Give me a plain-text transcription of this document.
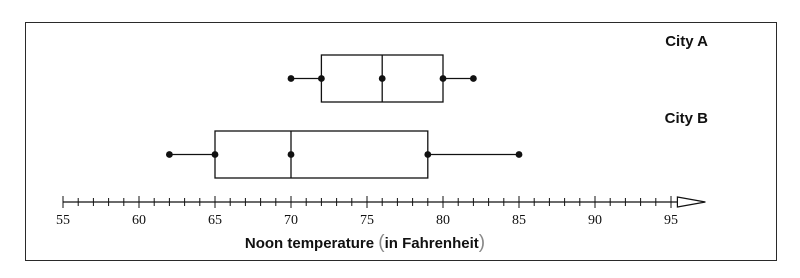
City A
City B
55	60	65	70	75	80	85	90	95
Noon temperature (in Fahrenheit)
